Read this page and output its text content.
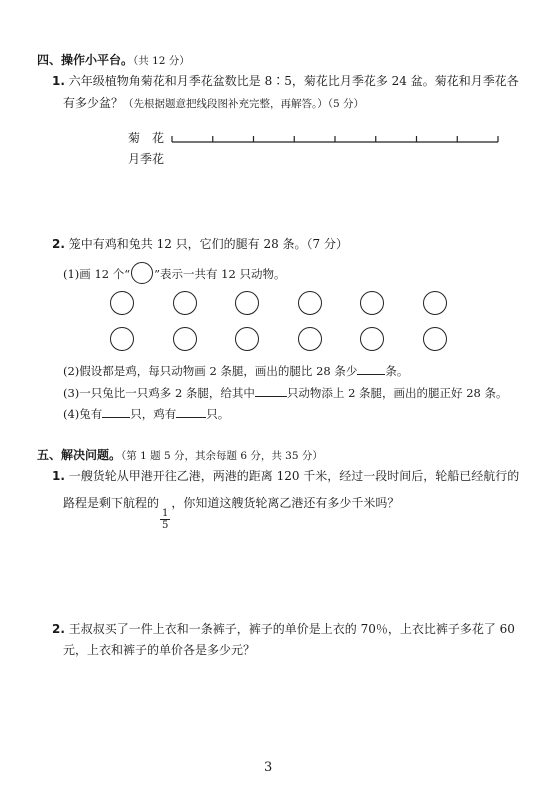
四、操作小平台。（共 12 分）
1. 六年级植物角菊花和月季花盆数比是 8∶5，菊花比月季花多 24 盆。菊花和月季花各
有多少盆？（先根据题意把线段图补充完整，再解答。）（5 分）
菊　花
月季花
2. 笼中有鸡和兔共 12 只，它们的腿有 28 条。（7 分）
(1)画 12 个“ ”表示一共有 12 只动物。
(2)假设都是鸡，每只动物画 2 条腿，画出的腿比 28 条少 条。
(3)一只兔比一只鸡多 2 条腿，给其中	只动物添上 2 条腿，画出的腿正好 28 条。
(4)兔有 只，鸡有	只。
五、解决问题。（第 1 题 5 分，其余每题 6 分，共 35 分）
1. 一艘货轮从甲港开往乙港，两港的距离 120 千米，经过一段时间后，轮船已经航行的
路程是剩下航程的
$\frac{1}{5}$
，你知道这艘货轮离乙港还有多少千米吗？
2. 王叔叔买了一件上衣和一条裤子，裤子的单价是上衣的 70％，上衣比裤子多花了 60
元，上衣和裤子的单价各是多少元？
3
